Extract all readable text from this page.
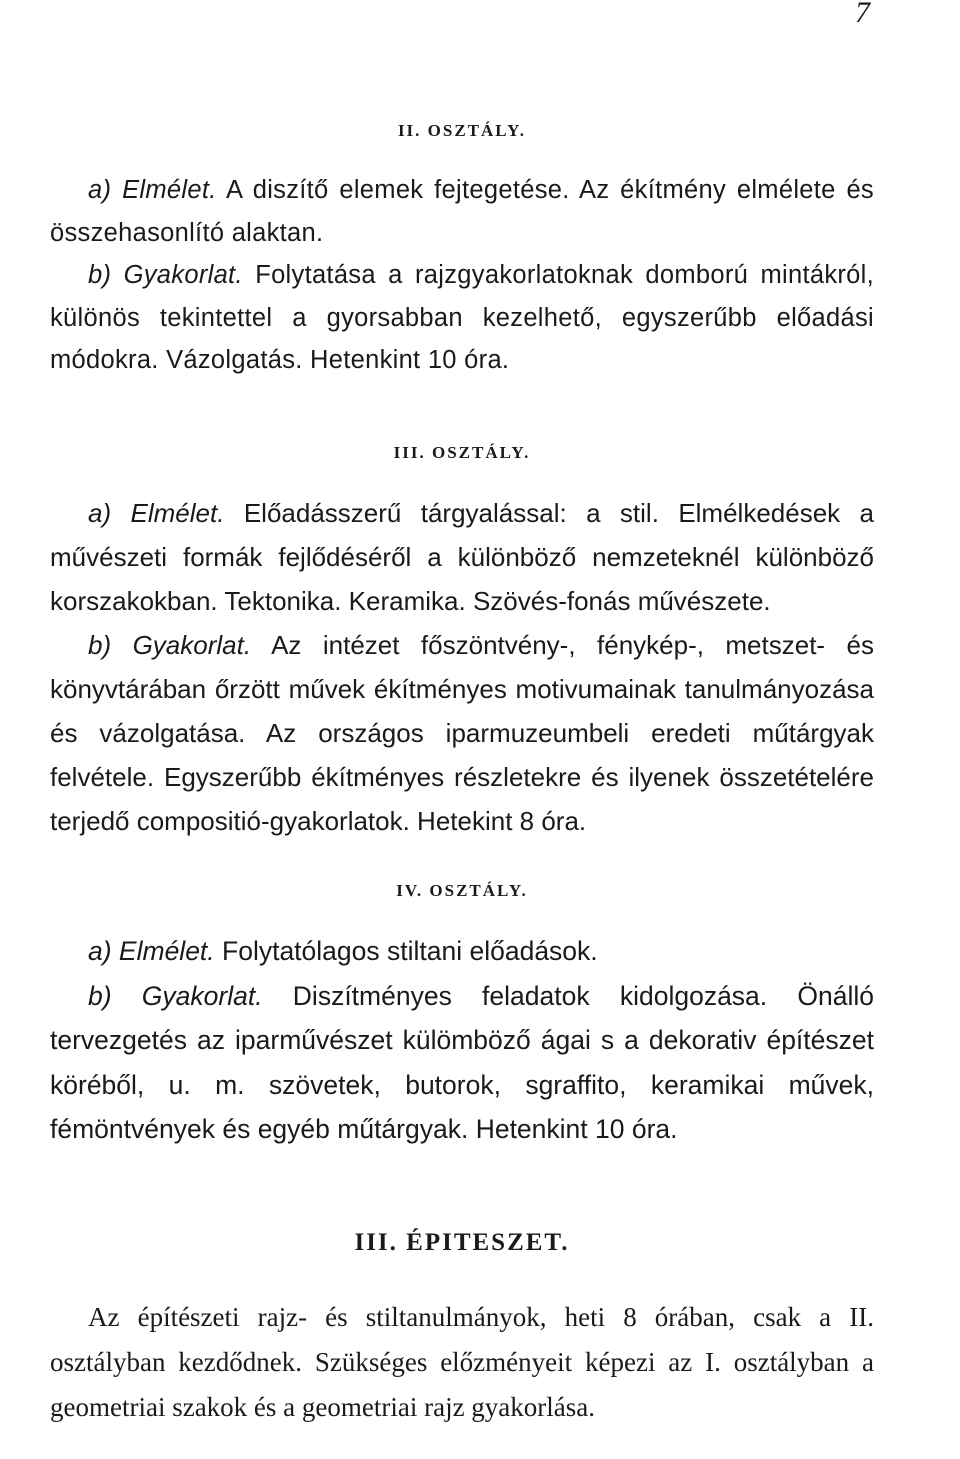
7
II. OSZTÁLY.

a) Elmélet. A diszítő elemek fejtegetése. Az ékítmény elmélete és összehasonlító alaktan.

b) Gyakorlat. Folytatása a rajzgyakorlatoknak domború mintákról, különös tekintettel a gyorsabban kezelhető, egyszerűbb előadási módokra. Vázolgatás. Hetenkint 10 óra.

III. OSZTÁLY.

a) Elmélet. Előadásszerű tárgyalással: a stil. Elmélkedések a művészeti formák fejlődéséről a különböző nemzeteknél különböző korszakokban. Tektonika. Keramika. Szövés-fonás művészete.

b) Gyakorlat. Az intézet főszöntvény-, fénykép-, metszet- és könyvtárában őrzött művek ékítményes motivumainak tanulmányozása és vázolgatása. Az országos iparmuzeumbeli eredeti műtárgyak felvétele. Egyszerűbb ékítményes részletekre és ilyenek összetételére terjedő compositió-gyakorlatok. Hetekint 8 óra.

IV. OSZTÁLY.

a) Elmélet. Folytatólagos stiltani előadások.

b) Gyakorlat. Diszítményes feladatok kidolgozása. Önálló tervezgetés az iparművészet külömböző ágai s a dekorativ építészet köréből, u. m. szövetek, butorok, sgraffito, keramikai művek, fémöntvények és egyéb műtárgyak. Hetenkint 10 óra.

III. ÉPITESZET.

Az építészeti rajz- és stiltanulmányok, heti 8 órában, csak a II. osztályban kezdődnek. Szükséges előzményeit képezi az I. osztályban a geometriai szakok és a geometriai rajz gyakorlása.
